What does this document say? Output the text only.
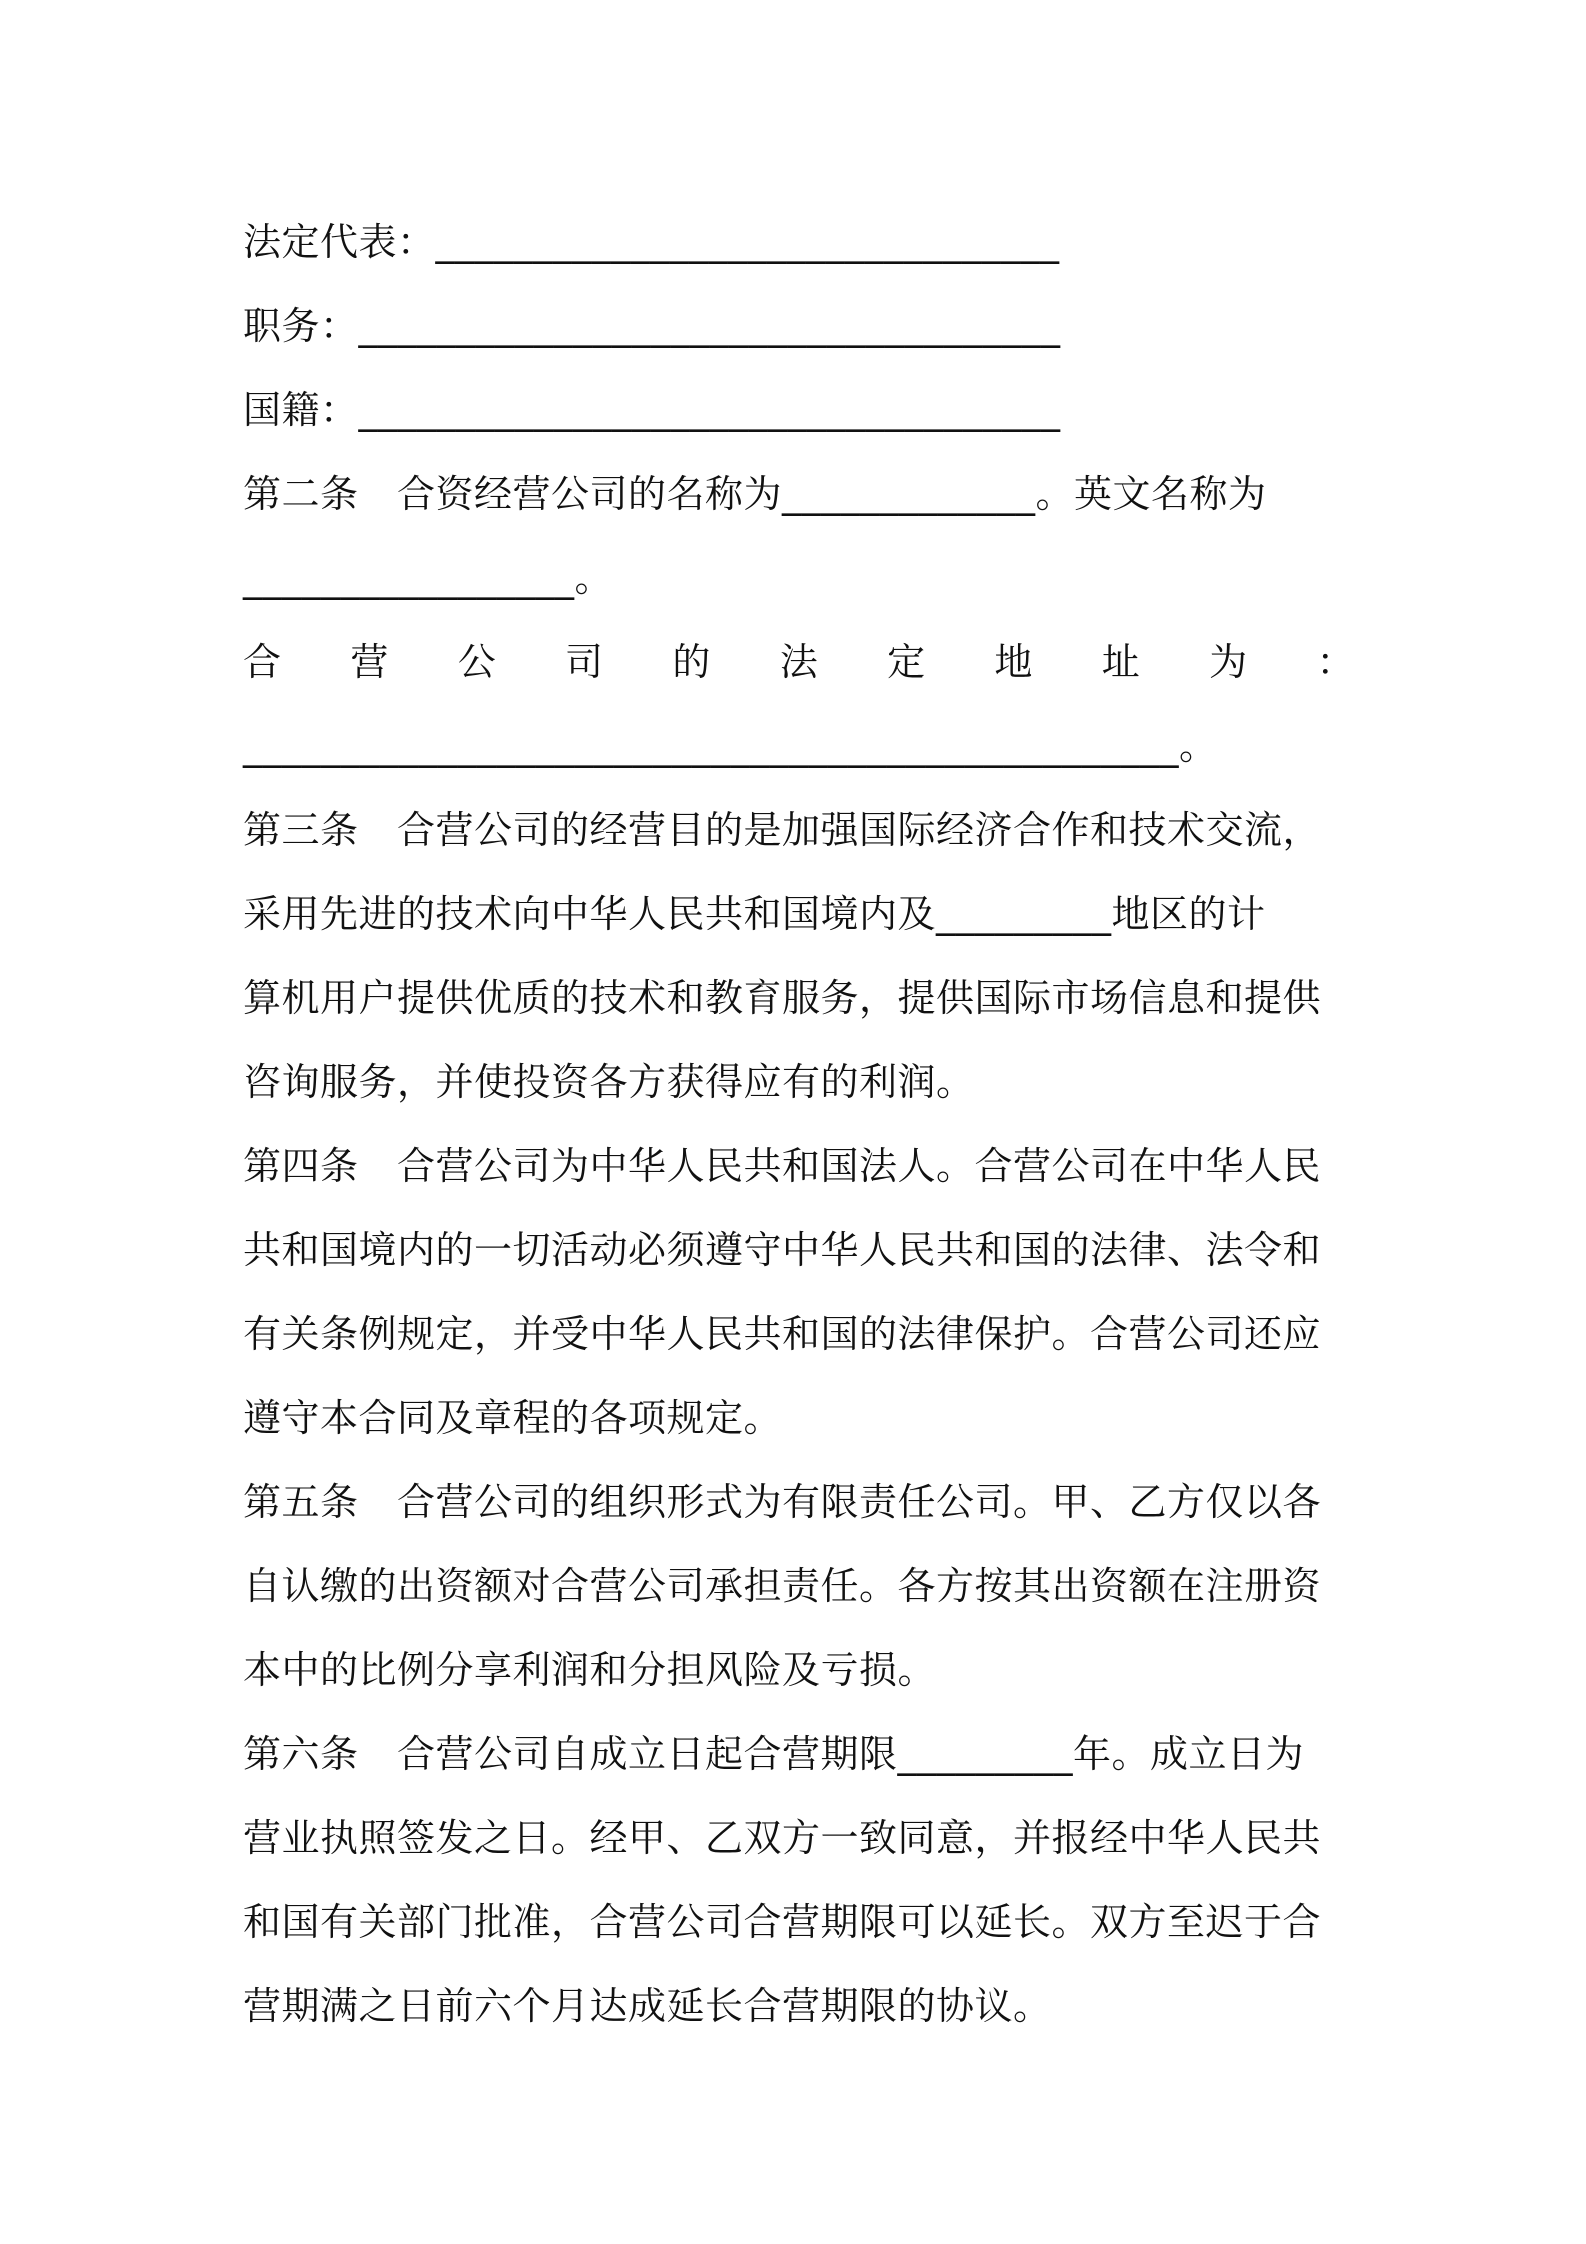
法定代表：________________________________
职务：____________________________________
国籍：____________________________________
第二条　合资经营公司的名称为_____________。英文名称为
_________________。
合 营 公 司 的 法 定 地 址 为 ：
________________________________________________。
第三条　合营公司的经营目的是加强国际经济合作和技术交流，
采用先进的技术向中华人民共和国境内及_________地区的计
算机用户提供优质的技术和教育服务，提供国际市场信息和提供
咨询服务，并使投资各方获得应有的利润。
第四条　合营公司为中华人民共和国法人。合营公司在中华人民
共和国境内的一切活动必须遵守中华人民共和国的法律、法令和
有关条例规定，并受中华人民共和国的法律保护。合营公司还应
遵守本合同及章程的各项规定。
第五条　合营公司的组织形式为有限责任公司。甲、乙方仅以各
自认缴的出资额对合营公司承担责任。各方按其出资额在注册资
本中的比例分享利润和分担风险及亏损。
第六条　合营公司自成立日起合营期限_________年。成立日为
营业执照签发之日。经甲、乙双方一致同意，并报经中华人民共
和国有关部门批准，合营公司合营期限可以延长。双方至迟于合
营期满之日前六个月达成延长合营期限的协议。
